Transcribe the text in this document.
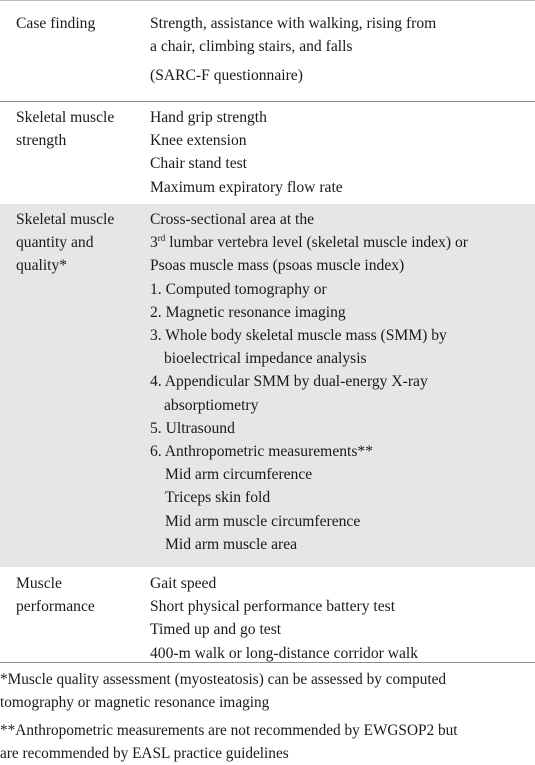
Case finding	Strength, assistance with walking, rising from
a chair, climbing stairs, and falls
(SARC-F questionnaire)
Skeletal muscle
strength
Hand grip strength
Knee extension
Chair stand test
Maximum expiratory flow rate
Skeletal muscle
quantity and
quality*
Cross-sectional area at the
3rd lumbar vertebra level (skeletal muscle index) or
Psoas muscle mass (psoas muscle index)
1. Computed tomography or
2. Magnetic resonance imaging
3. Whole body skeletal muscle mass (SMM) by
bioelectrical impedance analysis
4. Appendicular SMM by dual-energy X-ray
absorptiometry
5. Ultrasound
6. Anthropometric measurements**
Mid arm circumference
Triceps skin fold
Mid arm muscle circumference
Mid arm muscle area
Muscle
performance
Gait speed
Short physical performance battery test
Timed up and go test
400-m walk or long-distance corridor walk
*Muscle quality assessment (myosteatosis) can be assessed by computed
tomography or magnetic resonance imaging
**Anthropometric measurements are not recommended by EWGSOP2 but
are recommended by EASL practice guidelines
